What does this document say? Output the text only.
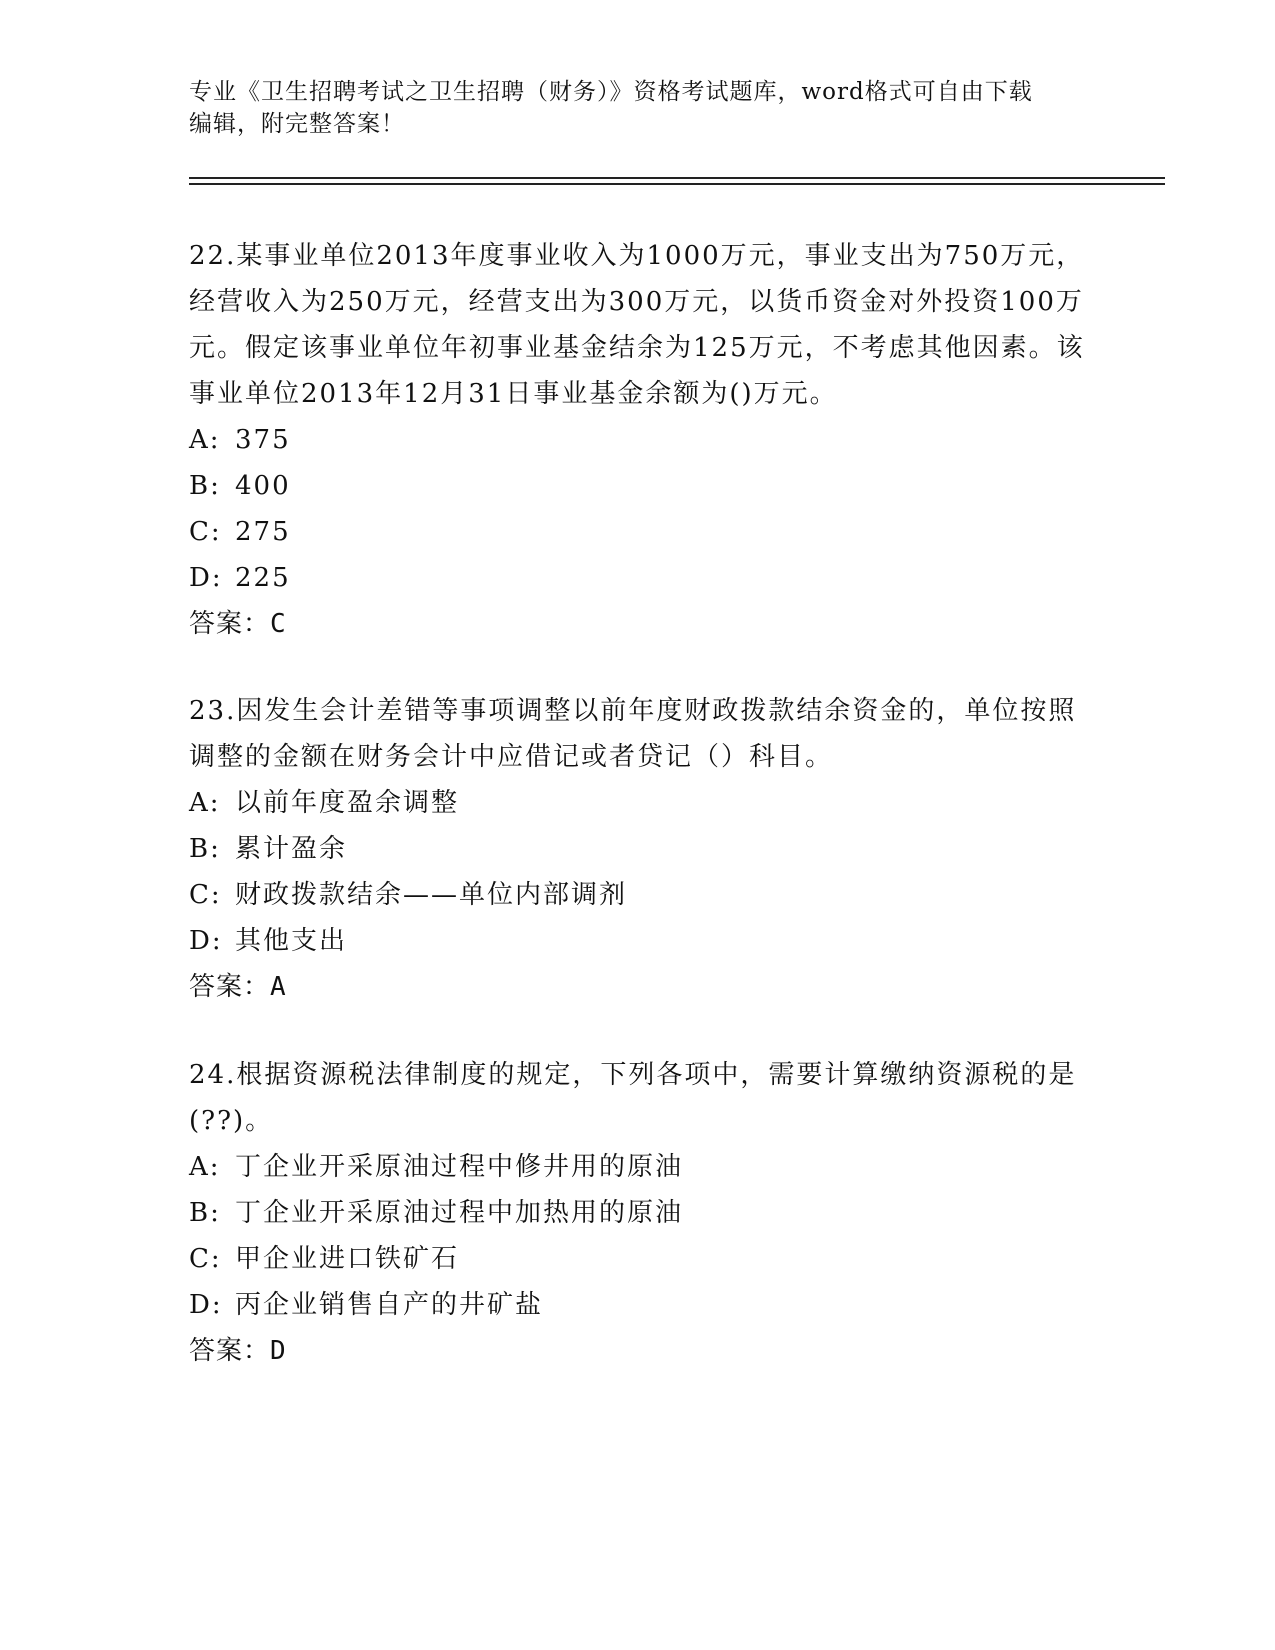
专业《卫生招聘考试之卫生招聘（财务）》资格考试题库，word格式可自由下载
编辑，附完整答案！

22.某事业单位2013年度事业收入为1000万元，事业支出为750万元，经营收入为250万元，经营支出为300万元，以货币资金对外投资100万元。假定该事业单位年初事业基金结余为125万元，不考虑其他因素。该事业单位2013年12月31日事业基金余额为()万元。

A: 375

B: 400

C: 275

D: 225

答案：C

23.因发生会计差错等事项调整以前年度财政拨款结余资金的，单位按照调整的金额在财务会计中应借记或者贷记（）科目。

A: 以前年度盈余调整

B: 累计盈余

C: 财政拨款结余——单位内部调剂

D: 其他支出

答案：A

24.根据资源税法律制度的规定，下列各项中，需要计算缴纳资源税的是(??)。

A: 丁企业开采原油过程中修井用的原油

B: 丁企业开采原油过程中加热用的原油

C: 甲企业进口铁矿石

D: 丙企业销售自产的井矿盐

答案：D
